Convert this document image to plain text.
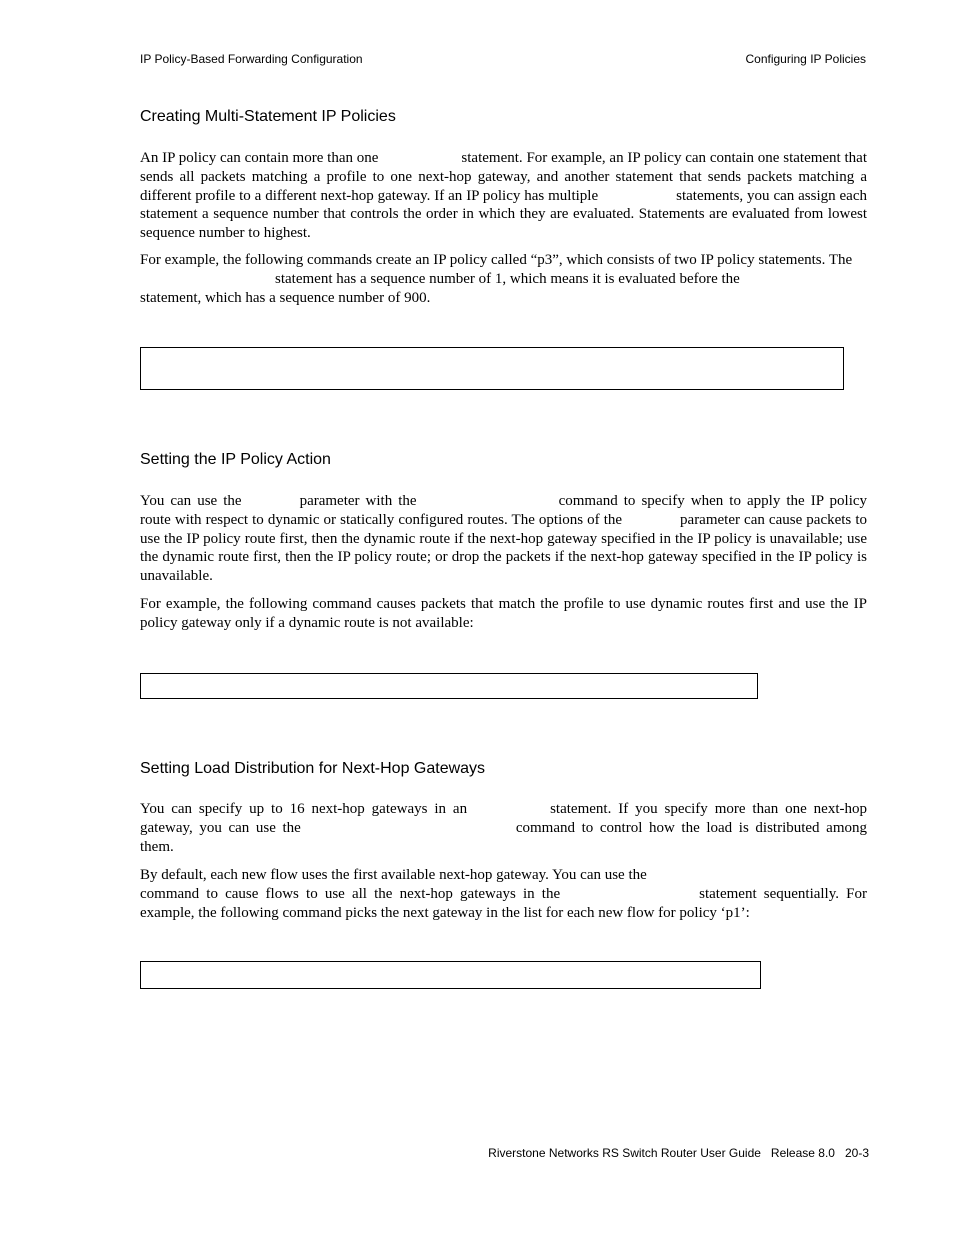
IP Policy-Based Forwarding Configuration	Configuring IP Policies
Creating Multi-Statement IP Policies
An IP policy can contain more than one	statement. For example, an IP policy can contain one statement that sends all packets matching a profile to one next-hop gateway, and another statement that sends packets matching a different profile to a different next-hop gateway. If an IP policy has multiple	statements, you can assign each statement a sequence number that controls the order in which they are evaluated. Statements are evaluated from lowest sequence number to highest.
For example, the following commands create an IP policy called “p3”, which consists of two IP policy statements. The
statement has a sequence number of 1, which means it is evaluated before the
statement, which has a sequence number of 900.
Setting the IP Policy Action
You can use the	parameter with the	command to specify when to apply the IP policy route with respect to dynamic or statically configured routes. The options of the	parameter can cause packets to use the IP policy route first, then the dynamic route if the next-hop gateway specified in the IP policy is unavailable; use the dynamic route first, then the IP policy route; or drop the packets if the next-hop gateway specified in the IP policy is unavailable.
For example, the following command causes packets that match the profile to use dynamic routes first and use the IP policy gateway only if a dynamic route is not available:
Setting Load Distribution for Next-Hop Gateways
You can specify up to 16 next-hop gateways in an	statement. If you specify more than one next-hop gateway, you can use the	command to control how the load is distributed among them.
By default, each new flow uses the first available next-hop gateway. You can use the
command to cause flows to use all the next-hop gateways in the	statement sequentially. For example, the following command picks the next gateway in the list for each new flow for policy ‘p1’:
Riverstone Networks RS Switch Router User Guide Release 8.0 20-3
